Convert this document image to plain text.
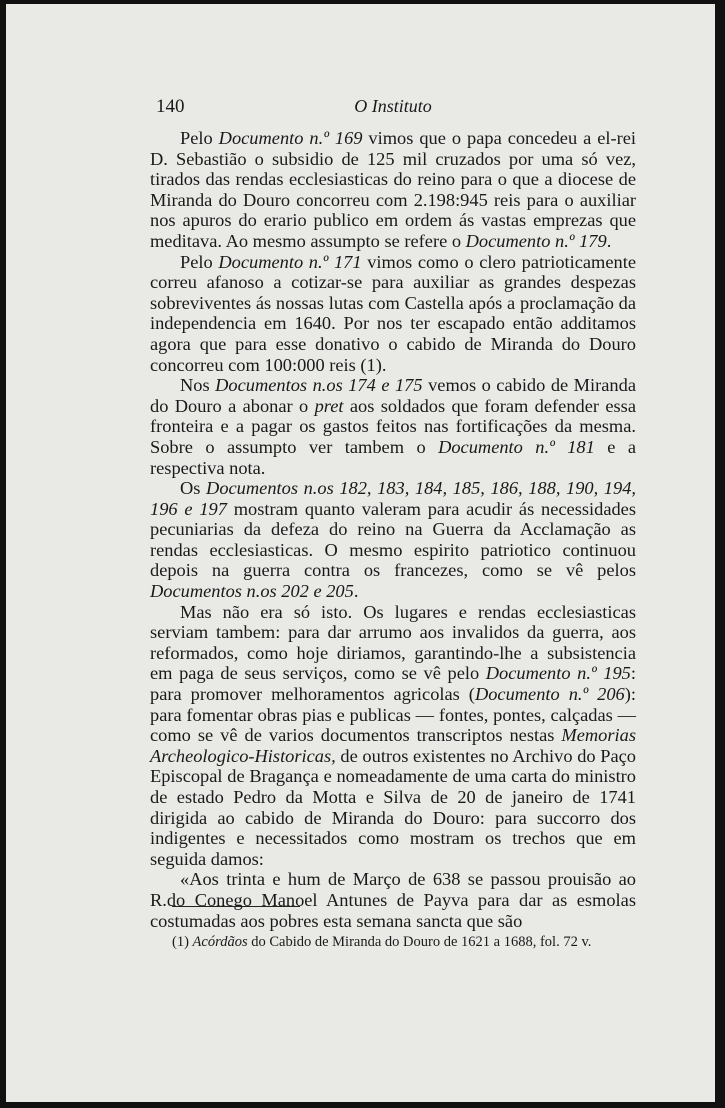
140	O Instituto

Pelo Documento n.º 169 vimos que o papa concedeu a el-rei D. Sebastião o subsidio de 125 mil cruzados por uma só vez, tirados das rendas ecclesiasticas do reino para o que a diocese de Miranda do Douro concorreu com 2.198:945 reis para o auxiliar nos apuros do erario publico em ordem ás vastas emprezas que meditava. Ao mesmo assumpto se refere o Documento n.º 179.

Pelo Documento n.º 171 vimos como o clero patrioticamente correu afanoso a cotizar-se para auxiliar as grandes despezas sobreviventes ás nossas lutas com Castella após a proclamação da independencia em 1640. Por nos ter escapado então additamos agora que para esse donativo o cabido de Miranda do Douro concorreu com 100:000 reis (1).

Nos Documentos n.os 174 e 175 vemos o cabido de Miranda do Douro a abonar o pret aos soldados que foram defender essa fronteira e a pagar os gastos feitos nas fortificações da mesma. Sobre o assumpto ver tambem o Documento n.º 181 e a respectiva nota.

Os Documentos n.os 182, 183, 184, 185, 186, 188, 190, 194, 196 e 197 mostram quanto valeram para acudir ás necessidades pecuniarias da defeza do reino na Guerra da Acclamação as rendas ecclesiasticas. O mesmo espirito patriotico continuou depois na guerra contra os francezes, como se vê pelos Documentos n.os 202 e 205.

Mas não era só isto. Os lugares e rendas ecclesiasticas serviam tambem: para dar arrumo aos invalidos da guerra, aos reformados, como hoje diriamos, garantindo-lhe a subsistencia em paga de seus serviços, como se vê pelo Documento n.º 195: para promover melhoramentos agricolas (Documento n.º 206): para fomentar obras pias e publicas — fontes, pontes, calçadas — como se vê de varios documentos transcriptos nestas Memorias Archeologico-Historicas, de outros existentes no Archivo do Paço Episcopal de Bragança e nomeadamente de uma carta do ministro de estado Pedro da Motta e Silva de 20 de janeiro de 1741 dirigida ao cabido de Miranda do Douro: para succorro dos indigentes e necessitados como mostram os trechos que em seguida damos:

«Aos trinta e hum de Março de 638 se passou prouisão ao R.do Conego Manoel Antunes de Payva para dar as esmolas costumadas aos pobres esta semana sancta que são

(1) Acórdãos do Cabido de Miranda do Douro de 1621 a 1688, fol. 72 v.
